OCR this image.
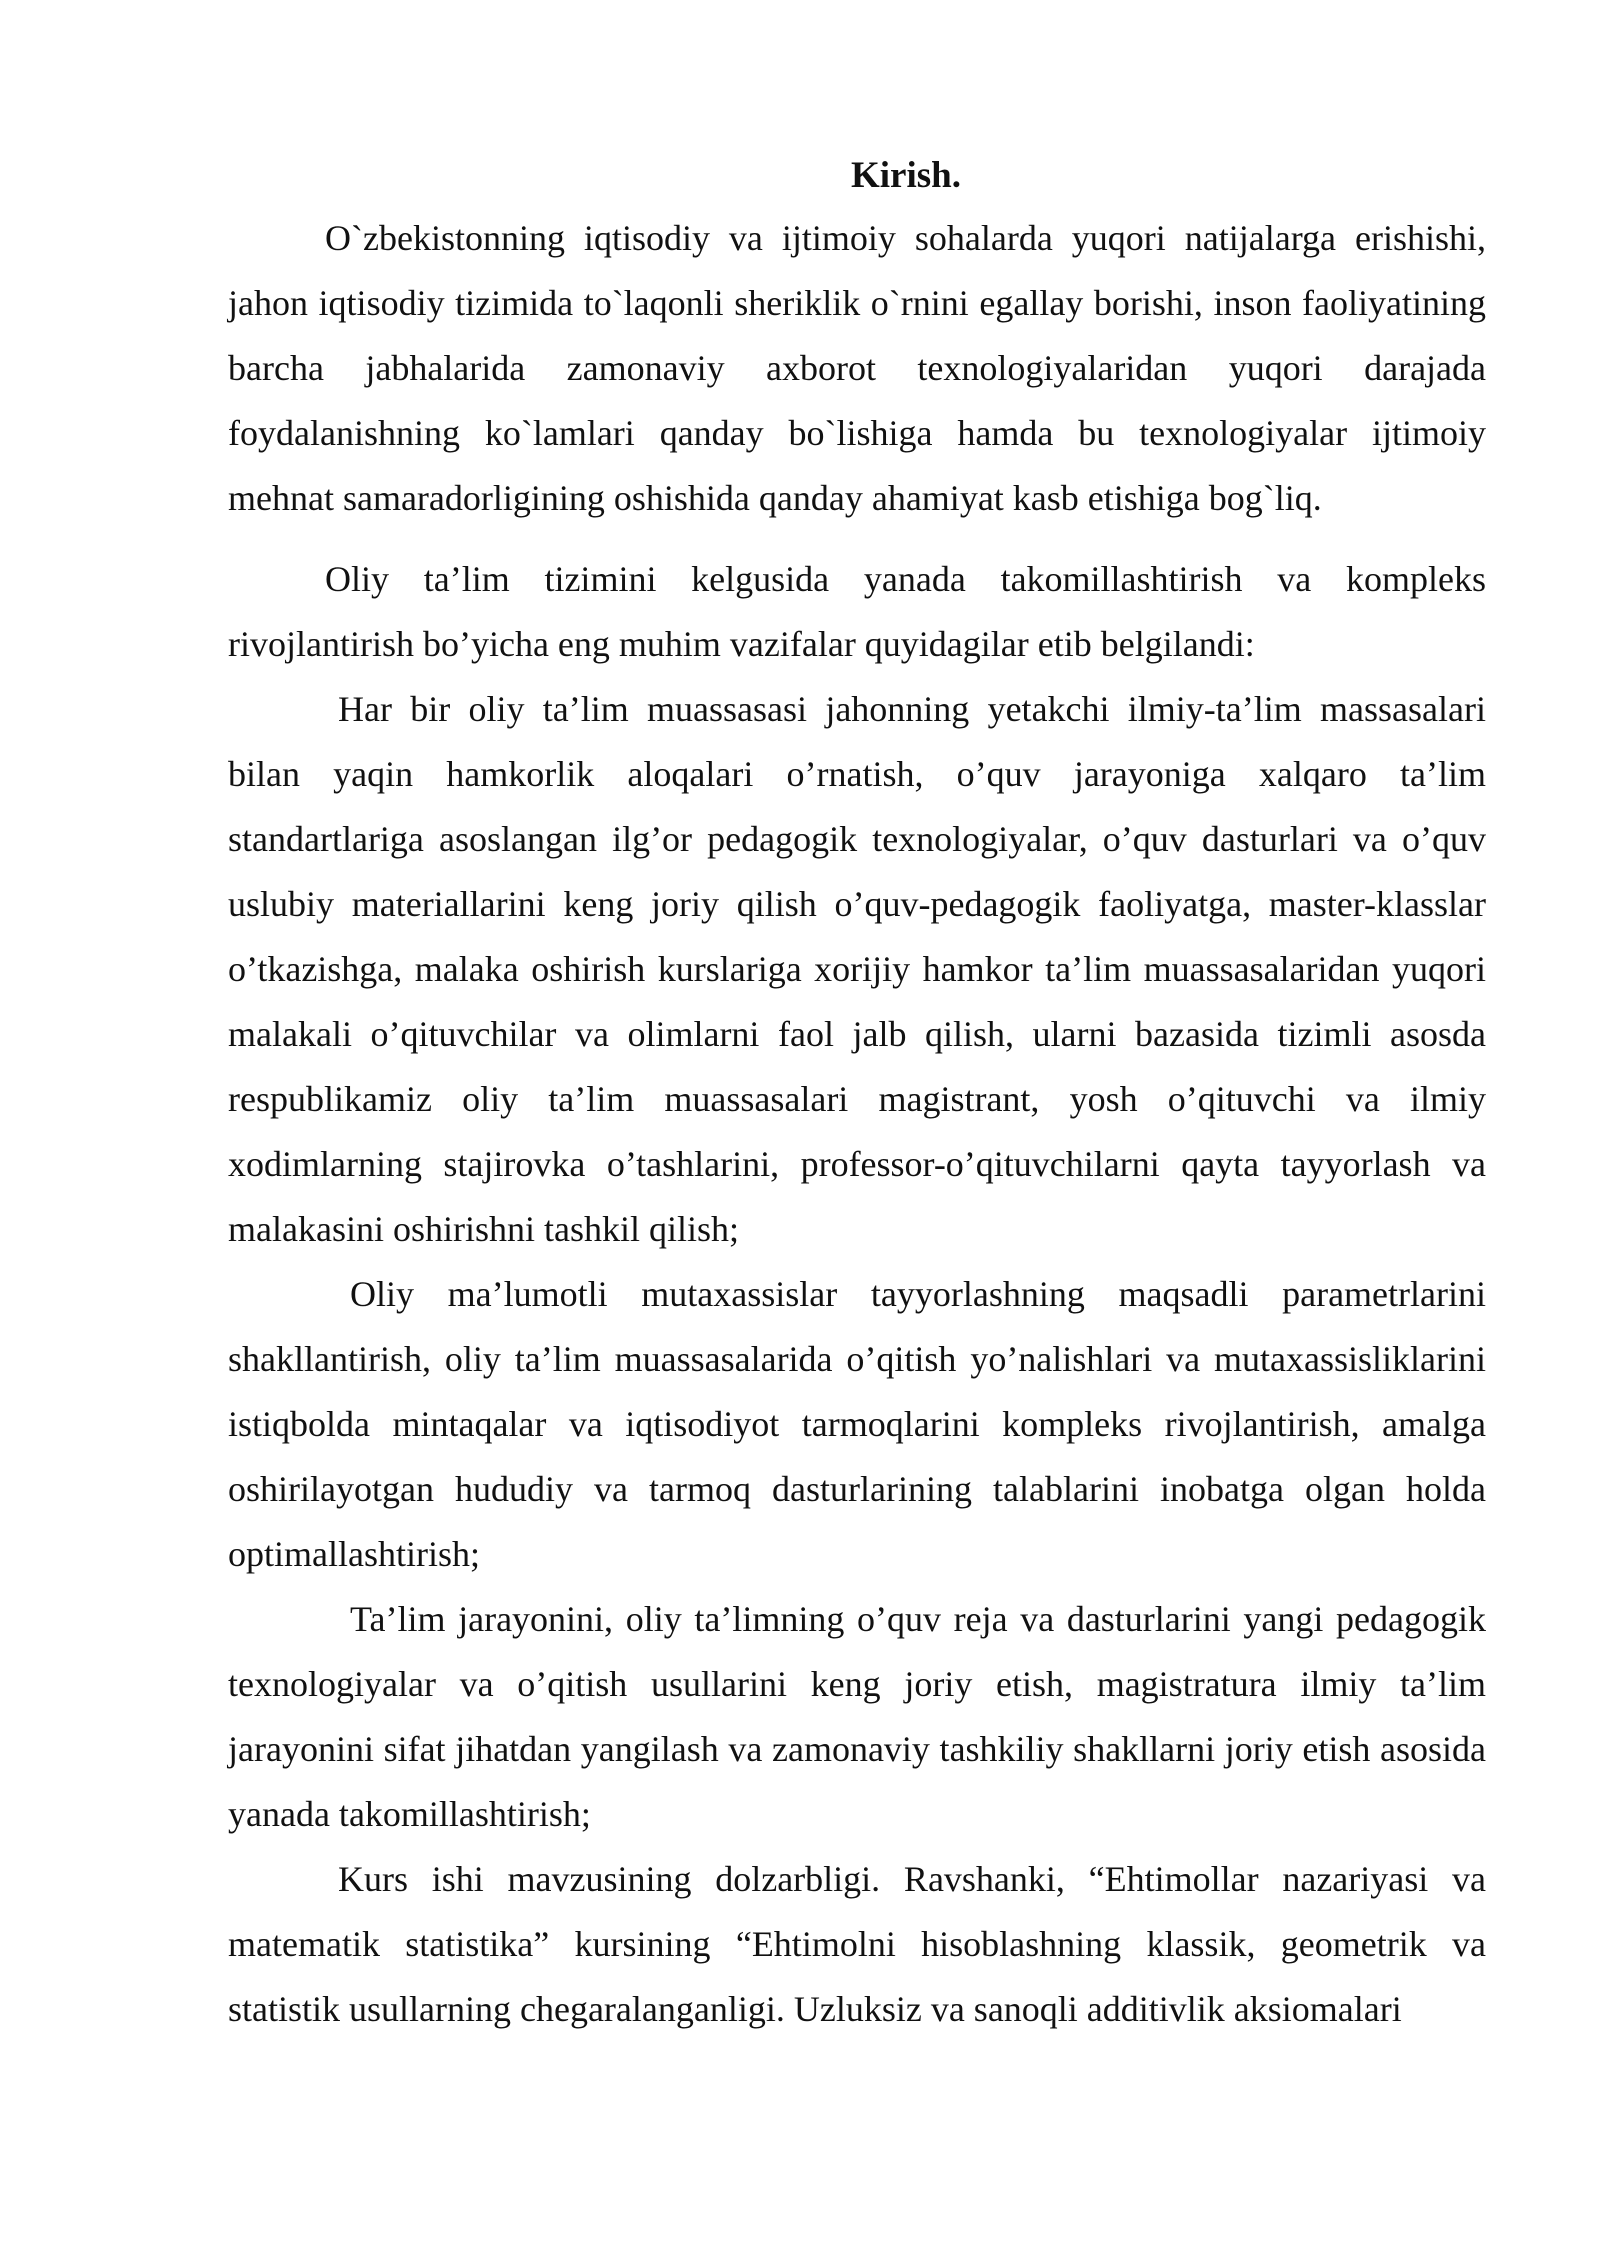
Kirish.

O`zbekistonning iqtisodiy va ijtimoiy sohalarda yuqori natijalarga erishishi, jahon iqtisodiy tizimida to`laqonli sheriklik o`rnini egallay borishi, inson faoliyatining barcha jabhalarida zamonaviy axborot texnologiyalaridan yuqori darajada foydalanishning ko`lamlari qanday bo`lishiga hamda bu texnologiyalar ijtimoiy mehnat samaradorligining oshishida qanday ahamiyat kasb etishiga bog`liq.

Oliy ta’lim tizimini kelgusida yanada takomillashtirish va kompleks rivojlantirish bo’yicha eng muhim vazifalar quyidagilar etib belgilandi:

Har bir oliy ta’lim muassasasi jahonning yetakchi ilmiy-ta’lim massasalari bilan yaqin hamkorlik aloqalari o’rnatish, o’quv jarayoniga xalqaro ta’lim standartlariga asoslangan ilg’or pedagogik texnologiyalar, o’quv dasturlari va o’quv uslubiy materiallarini keng joriy qilish o’quv-pedagogik faoliyatga, master-klasslar o’tkazishga, malaka oshirish kurslariga xorijiy hamkor ta’lim muassasalaridan yuqori malakali o’qituvchilar va olimlarni faol jalb qilish, ularni bazasida tizimli asosda respublikamiz oliy ta’lim muassasalari magistrant, yosh o’qituvchi va ilmiy xodimlarning stajirovka o’tashlarini, professor-o’qituvchilarni qayta tayyorlash va malakasini oshirishni tashkil qilish;

Oliy ma’lumotli mutaxassislar tayyorlashning maqsadli parametrlarini shakllantirish, oliy ta’lim muassasalarida o’qitish yo’nalishlari va mutaxassisliklarini istiqbolda mintaqalar va iqtisodiyot tarmoqlarini kompleks rivojlantirish, amalga oshirilayotgan hududiy va tarmoq dasturlarining talablarini inobatga olgan holda optimallashtirish;

Ta’lim jarayonini, oliy ta’limning o’quv reja va dasturlarini yangi pedagogik texnologiyalar va o’qitish usullarini keng joriy etish, magistratura ilmiy ta’lim jarayonini sifat jihatdan yangilash va zamonaviy tashkiliy shakllarni joriy etish asosida yanada takomillashtirish;

Kurs ishi mavzusining dolzarbligi. Ravshanki, “Ehtimollar nazariyasi va matematik statistika” kursining “Ehtimolni hisoblashning klassik, geometrik va statistik usullarning chegaralanganligi. Uzluksiz va sanoqli additivlik aksiomalari
